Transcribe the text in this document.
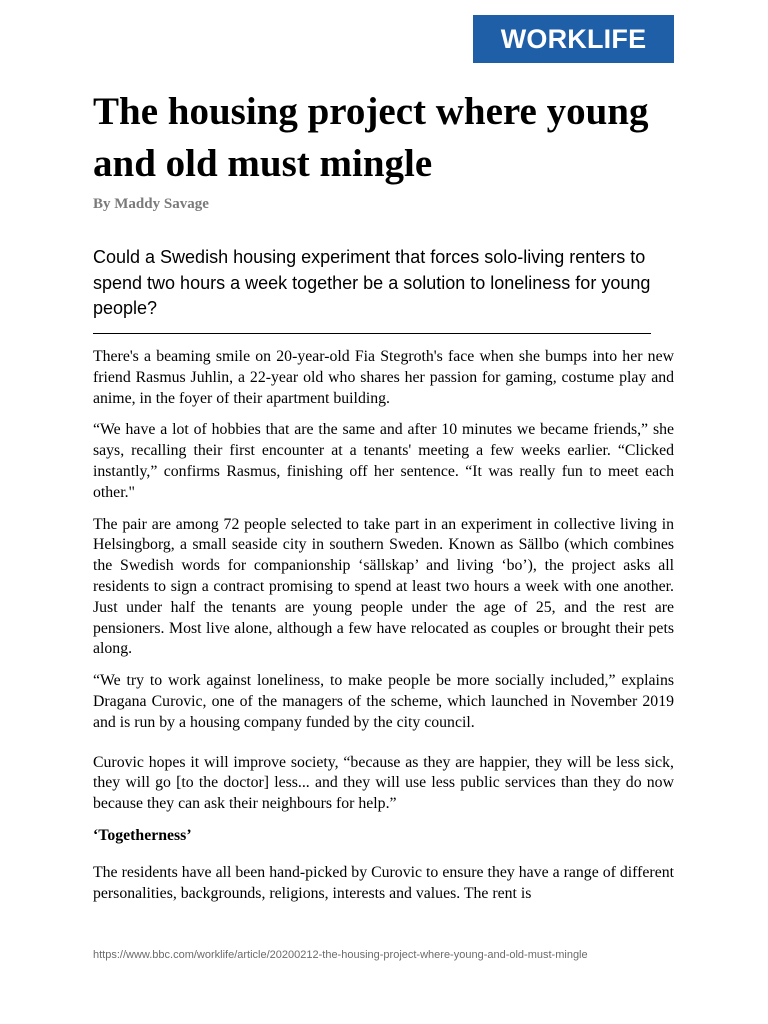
WORKLIFE
The housing project where young and old must mingle
By Maddy Savage

Could a Swedish housing experiment that forces solo-living renters to spend two hours a week together be a solution to loneliness for young people?

There's a beaming smile on 20-year-old Fia Stegroth's face when she bumps into her new friend Rasmus Juhlin, a 22-year old who shares her passion for gaming, costume play and anime, in the foyer of their apartment building.

“We have a lot of hobbies that are the same and after 10 minutes we became friends,” she says, recalling their first encounter at a tenants' meeting a few weeks earlier. “Clicked instantly,” confirms Rasmus, finishing off her sentence. “It was really fun to meet each other."

The pair are among 72 people selected to take part in an experiment in collective living in Helsingborg, a small seaside city in southern Sweden. Known as Sällbo (which combines the Swedish words for companionship ‘sällskap’ and living ‘bo’), the project asks all residents to sign a contract promising to spend at least two hours a week with one another. Just under half the tenants are young people under the age of 25, and the rest are pensioners. Most live alone, although a few have relocated as couples or brought their pets along.

“We try to work against loneliness, to make people be more socially included,” explains Dragana Curovic, one of the managers of the scheme, which launched in November 2019 and is run by a housing company funded by the city council.

Curovic hopes it will improve society, “because as they are happier, they will be less sick, they will go [to the doctor] less... and they will use less public services than they do now because they can ask their neighbours for help.”

‘Togetherness’

The residents have all been hand-picked by Curovic to ensure they have a range of different personalities, backgrounds, religions, interests and values. The rent is

https://www.bbc.com/worklife/article/20200212-the-housing-project-where-young-and-old-must-mingle
